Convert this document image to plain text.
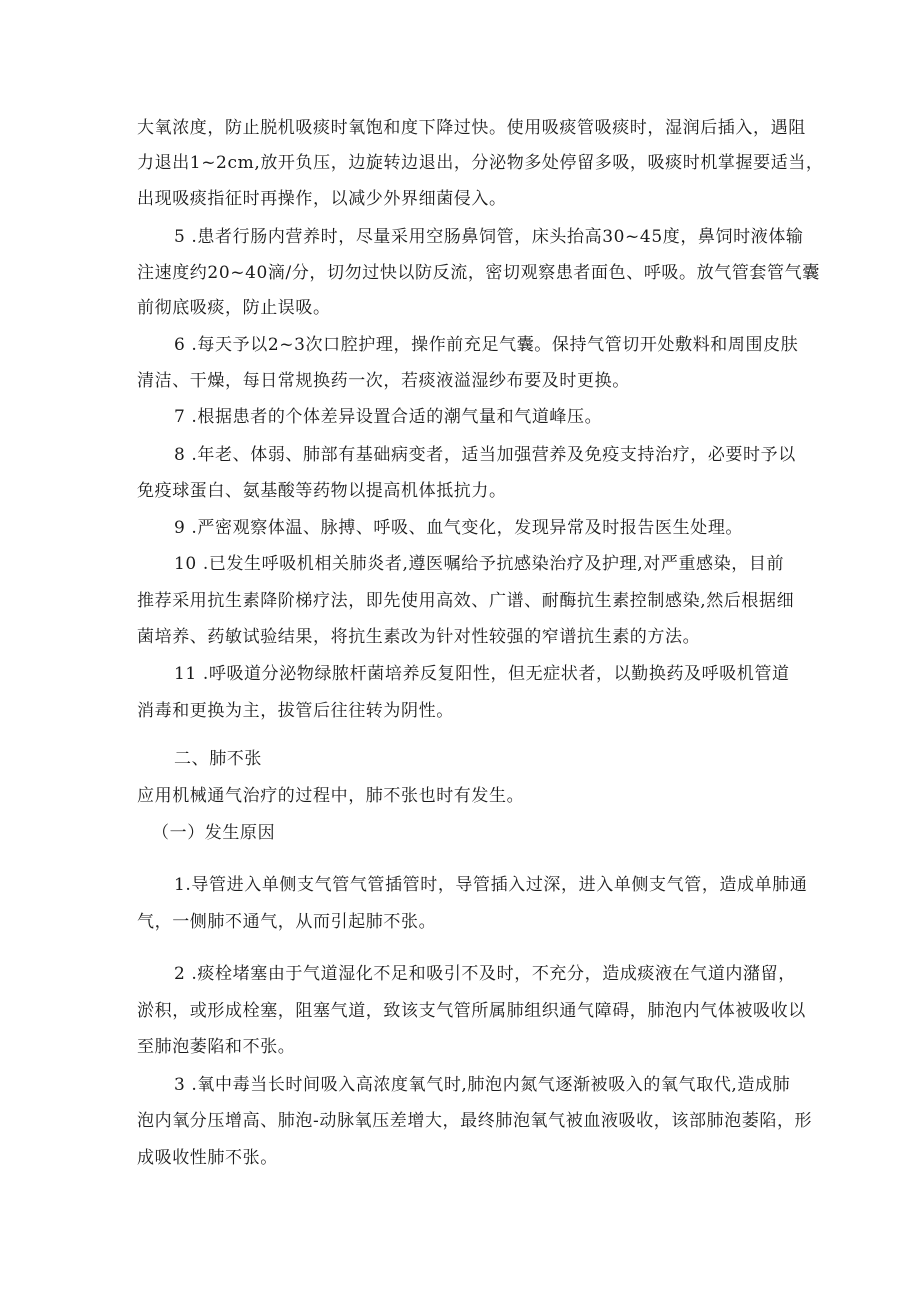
大氧浓度，防止脱机吸痰时氧饱和度下降过快。使用吸痰管吸痰时，湿润后插入，遇阻
力退出1~2cm,放开负压，边旋转边退出，分泌物多处停留多吸，吸痰时机掌握要适当，
出现吸痰指征时再操作，以减少外界细菌侵入。
5 .患者行肠内营养时，尽量采用空肠鼻饲管，床头抬高30~45度，鼻饲时液体输
注速度约20~40滴/分，切勿过快以防反流，密切观察患者面色、呼吸。放气管套管气囊
前彻底吸痰，防止误吸。
6 .每天予以2~3次口腔护理，操作前充足气囊。保持气管切开处敷料和周围皮肤
清洁、干燥，每日常规换药一次，若痰液溢湿纱布要及时更换。
7 .根据患者的个体差异设置合适的潮气量和气道峰压。
8 .年老、体弱、肺部有基础病变者，适当加强营养及免疫支持治疗，必要时予以
免疫球蛋白、氨基酸等药物以提高机体抵抗力。
9 .严密观察体温、脉搏、呼吸、血气变化，发现异常及时报告医生处理。
10 .已发生呼吸机相关肺炎者,遵医嘱给予抗感染治疗及护理,对严重感染，目前
推荐采用抗生素降阶梯疗法，即先使用高效、广谱、耐酶抗生素控制感染,然后根据细
菌培养、药敏试验结果，将抗生素改为针对性较强的窄谱抗生素的方法。
11 .呼吸道分泌物绿脓杆菌培养反复阳性，但无症状者，以勤换药及呼吸机管道
消毒和更换为主，拔管后往往转为阴性。
二、肺不张
应用机械通气治疗的过程中，肺不张也时有发生。
（一）发生原因
1.导管进入单侧支气管气管插管时，导管插入过深，进入单侧支气管，造成单肺通
气，一侧肺不通气，从而引起肺不张。
2 .痰栓堵塞由于气道湿化不足和吸引不及时，不充分，造成痰液在气道内潴留，
淤积，或形成栓塞，阻塞气道，致该支气管所属肺组织通气障碍，肺泡内气体被吸收以
至肺泡萎陷和不张。
3 .氧中毒当长时间吸入高浓度氧气时,肺泡内氮气逐渐被吸入的氧气取代,造成肺
泡内氧分压增高、肺泡-动脉氧压差增大，最终肺泡氧气被血液吸收，该部肺泡萎陷，形
成吸收性肺不张。
